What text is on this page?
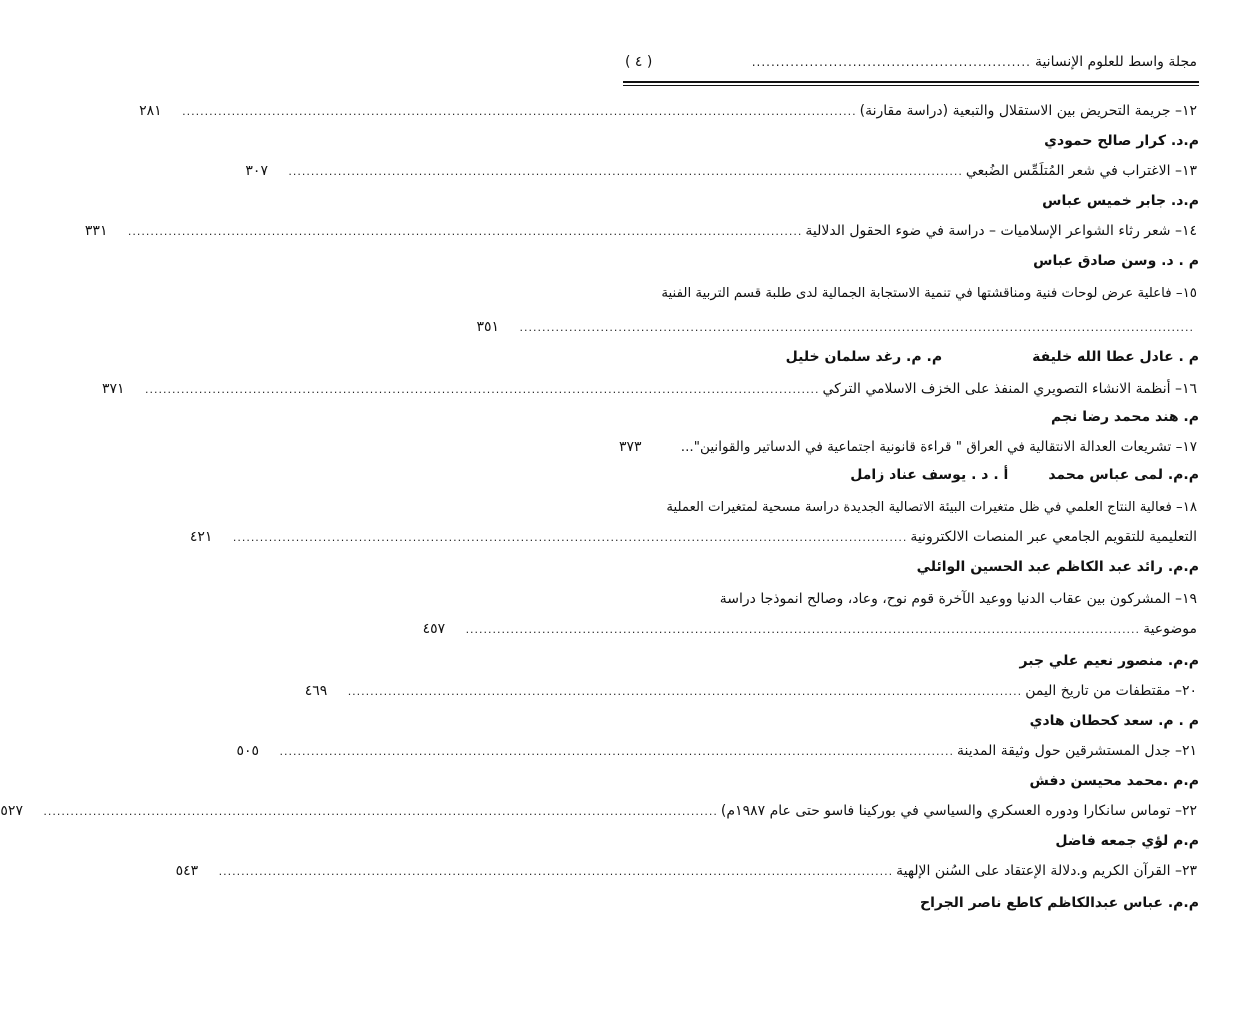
مجلة واسط للعلوم الإنسانية
..........................................................
( ٤ )
١٢– جريمة التحريض بين الاستقلال والتبعية (دراسة مقارنة)
......................................................................................................................................................
٢٨١
م.د. كرار صالح حمودي
١٣– الاغتراب في شعر المُتلَمِّس الضُبعي
......................................................................................................................................................
٣٠٧
م.د. جابر خميس عباس
١٤– شعر رثاء الشواعر الإسلاميات – دراسة في ضوء الحقول الدلالية
......................................................................................................................................................
٣٣١
م . د. وسن صادق عباس
١٥– فاعلية عرض لوحات فنية ومناقشتها في تنمية الاستجابة الجمالية لدى طلبة قسم التربية الفنية
......................................................................................................................................................
٣٥١
م . عادل عطا الله خليفة
م. م. رغد سلمان خليل
١٦– أنظمة الانشاء التصويري المنفذ على الخزف الاسلامي التركي
......................................................................................................................................................
٣٧١
م. هند محمد رضا نجم
١٧– تشريعات العدالة الانتقالية في العراق " قراءة قانونية اجتماعية في الدساتير والقوانين"...
٣٧٣
م.م. لمى عباس محمد
أ . د . يوسف عناد زامل
١٨– فعالية النتاج العلمي في ظل متغيرات البيئة الاتصالية الجديدة دراسة مسحية لمتغيرات العملية
التعليمية للتقويم الجامعي عبر المنصات الالكترونية
......................................................................................................................................................
٤٢١
م.م. رائد عبد الكاظم عبد الحسين الوائلي
١٩– المشركون بين عقاب الدنيا ووعيد الآخرة قوم نوح، وعاد، وصالح انموذجا دراسة
موضوعية
......................................................................................................................................................
٤٥٧
م.م. منصور نعيم علي جبر
٢٠– مقتطفات من تاريخ اليمن
......................................................................................................................................................
٤٦٩
م . م. سعد كحطان هادي
٢١– جدل المستشرقين حول وثيقة المدينة
......................................................................................................................................................
٥٠٥
م.م .محمد محيسن دفش
٢٢– توماس سانكارا ودوره العسكري والسياسي في بوركينا فاسو حتى عام ١٩٨٧م)
......................................................................................................................................................
٥٢٧
م.م لؤي جمعه فاضل
٢٣– القرآن الكريم و.دلالة الإعتقاد على السُنن الإلهية
......................................................................................................................................................
٥٤٣
م.م. عباس عبدالكاظم كاطع ناصر الجراح
